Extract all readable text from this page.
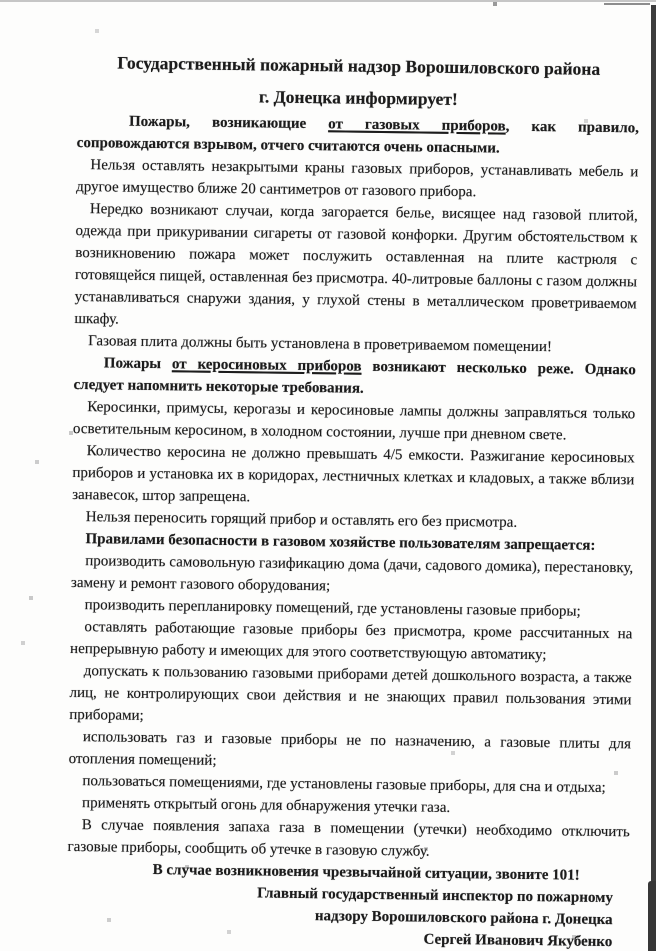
Государственный пожарный надзор Ворошиловского района
г. Донецка информирует!

Пожары, возникающие от газовых приборов, как правило, сопровождаются взрывом, отчего считаются очень опасными.

Нельзя оставлять незакрытыми краны газовых приборов, устанавливать мебель и другое имущество ближе 20 сантиметров от газового прибора.

Нередко возникают случаи, когда загорается белье, висящее над газовой плитой, одежда при прикуривании сигареты от газовой конфорки. Другим обстоятельством к возникновению пожара может послужить оставленная на плите кастрюля с готовящейся пищей, оставленная без присмотра. 40-литровые баллоны с газом должны устанавливаться снаружи здания, у глухой стены в металлическом проветриваемом шкафу.

Газовая плита должны быть установлена в проветриваемом помещении!

Пожары от керосиновых приборов возникают несколько реже. Однако следует напомнить некоторые требования.

Керосинки, примусы, керогазы и керосиновые лампы должны заправляться только осветительным керосином, в холодном состоянии, лучше при дневном свете.

Количество керосина не должно превышать 4/5 емкости. Разжигание керосиновых приборов и установка их в коридорах, лестничных клетках и кладовых, а также вблизи занавесок, штор запрещена.

Нельзя переносить горящий прибор и оставлять его без присмотра.

Правилами безопасности в газовом хозяйстве пользователям запрещается:

производить самовольную газификацию дома (дачи, садового домика), перестановку, замену и ремонт газового оборудования;

производить перепланировку помещений, где установлены газовые приборы;

оставлять работающие газовые приборы без присмотра, кроме рассчитанных на непрерывную работу и имеющих для этого соответствующую автоматику;

допускать к пользованию газовыми приборами детей дошкольного возраста, а также лиц, не контролирующих свои действия и не знающих правил пользования этими приборами;

использовать газ и газовые приборы не по назначению, а газовые плиты для отопления помещений;

пользоваться помещениями, где установлены газовые приборы, для сна и отдыха;

применять открытый огонь для обнаружения утечки газа.

В случае появления запаха газа в помещении (утечки) необходимо отключить газовые приборы, сообщить об утечке в газовую службу.

В случае возникновения чрезвычайной ситуации, звоните 101!

Главный государственный инспектор по пожарному

надзору Ворошиловского района г. Донецка

Сергей Иванович Якубенко
